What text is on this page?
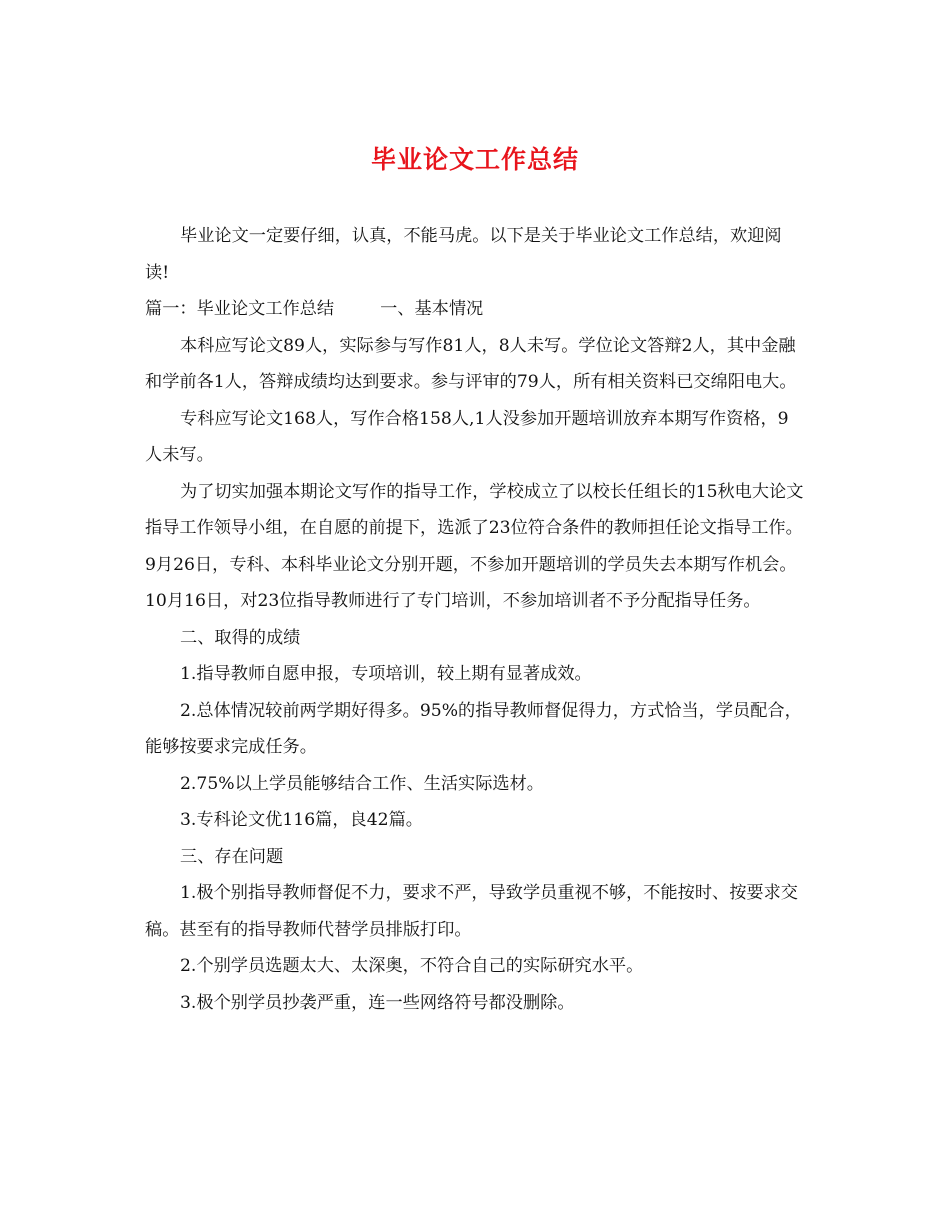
毕业论文工作总结

毕业论文一定要仔细，认真，不能马虎。以下是关于毕业论文工作总结，欢迎阅读!

篇一：毕业论文工作总结	一、基本情况

本科应写论文89人，实际参与写作81人，8人未写。学位论文答辩2人，其中金融和学前各1人，答辩成绩均达到要求。参与评审的79人，所有相关资料已交绵阳电大。

专科应写论文168人，写作合格158人,1人没参加开题培训放弃本期写作资格，9人未写。

为了切实加强本期论文写作的指导工作，学校成立了以校长任组长的15秋电大论文指导工作领导小组，在自愿的前提下，选派了23位符合条件的教师担任论文指导工作。9月26日，专科、本科毕业论文分别开题，不参加开题培训的学员失去本期写作机会。10月16日，对23位指导教师进行了专门培训，不参加培训者不予分配指导任务。

二、取得的成绩

1.指导教师自愿申报，专项培训，较上期有显著成效。

2.总体情况较前两学期好得多。95%的指导教师督促得力，方式恰当，学员配合，能够按要求完成任务。

2.75%以上学员能够结合工作、生活实际选材。

3.专科论文优116篇，良42篇。

三、存在问题

1.极个别指导教师督促不力，要求不严，导致学员重视不够，不能按时、按要求交稿。甚至有的指导教师代替学员排版打印。

2.个别学员选题太大、太深奥，不符合自己的实际研究水平。

3.极个别学员抄袭严重，连一些网络符号都没删除。
